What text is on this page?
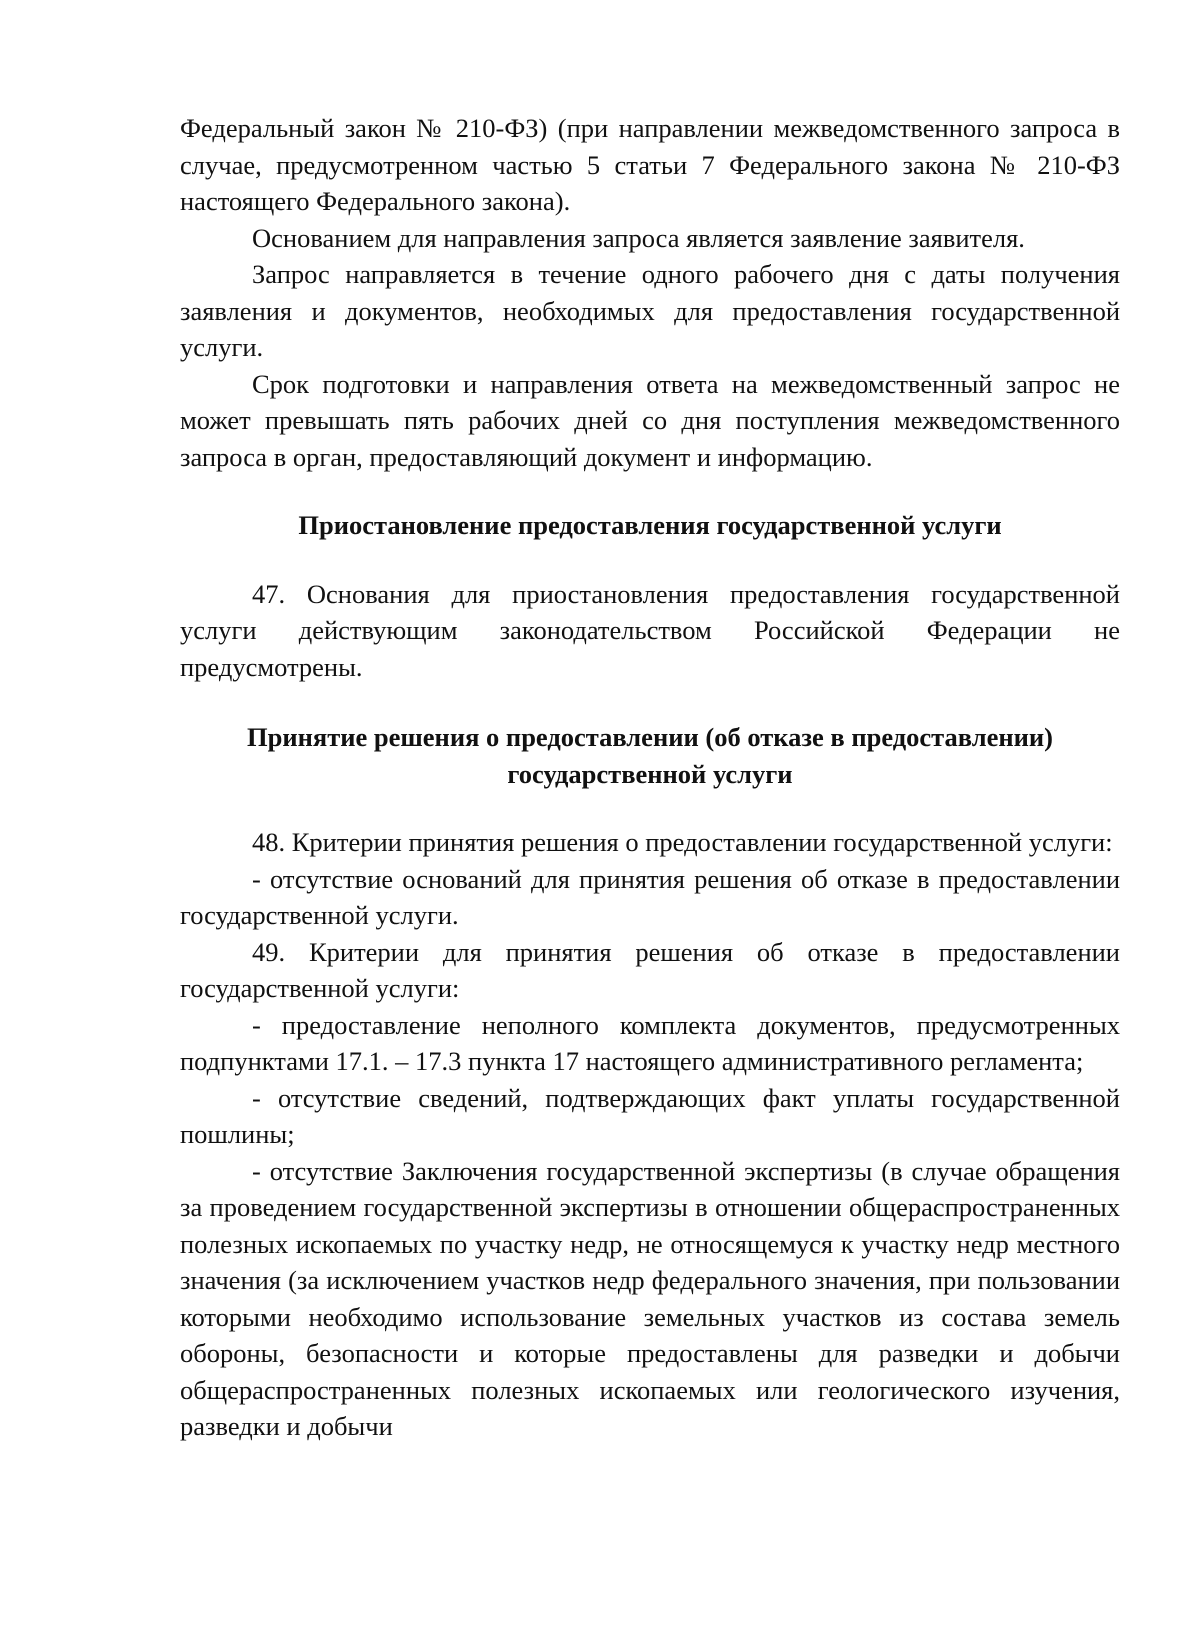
Федеральный закон № 210-ФЗ) (при направлении межведомственного запроса в случае, предусмотренном частью 5 статьи 7 Федерального закона № 210-ФЗ настоящего Федерального закона).

Основанием для направления запроса является заявление заявителя.

Запрос направляется в течение одного рабочего дня с даты получения заявления и документов, необходимых для предоставления государственной услуги.

Срок подготовки и направления ответа на межведомственный запрос не может превышать пять рабочих дней со дня поступления межведомственного запроса в орган, предоставляющий документ и информацию.

Приостановление предоставления государственной услуги

47. Основания для приостановления предоставления государственной услуги действующим законодательством Российской Федерации не предусмотрены.

Принятие решения о предоставлении (об отказе в предоставлении)
государственной услуги

48. Критерии принятия решения о предоставлении государственной услуги:

- отсутствие оснований для принятия решения об отказе в предоставлении государственной услуги.

49. Критерии для принятия решения об отказе в предоставлении государственной услуги:

- предоставление неполного комплекта документов, предусмотренных подпунктами 17.1. – 17.3 пункта 17 настоящего административного регламента;

- отсутствие сведений, подтверждающих факт уплаты государственной пошлины;

- отсутствие Заключения государственной экспертизы (в случае обращения за проведением государственной экспертизы в отношении общераспространенных полезных ископаемых по участку недр, не относящемуся к участку недр местного значения (за исключением участков недр федерального значения, при пользовании которыми необходимо использование земельных участков из состава земель обороны, безопасности и которые предоставлены для разведки и добычи общераспространенных полезных ископаемых или геологического изучения, разведки и добычи
